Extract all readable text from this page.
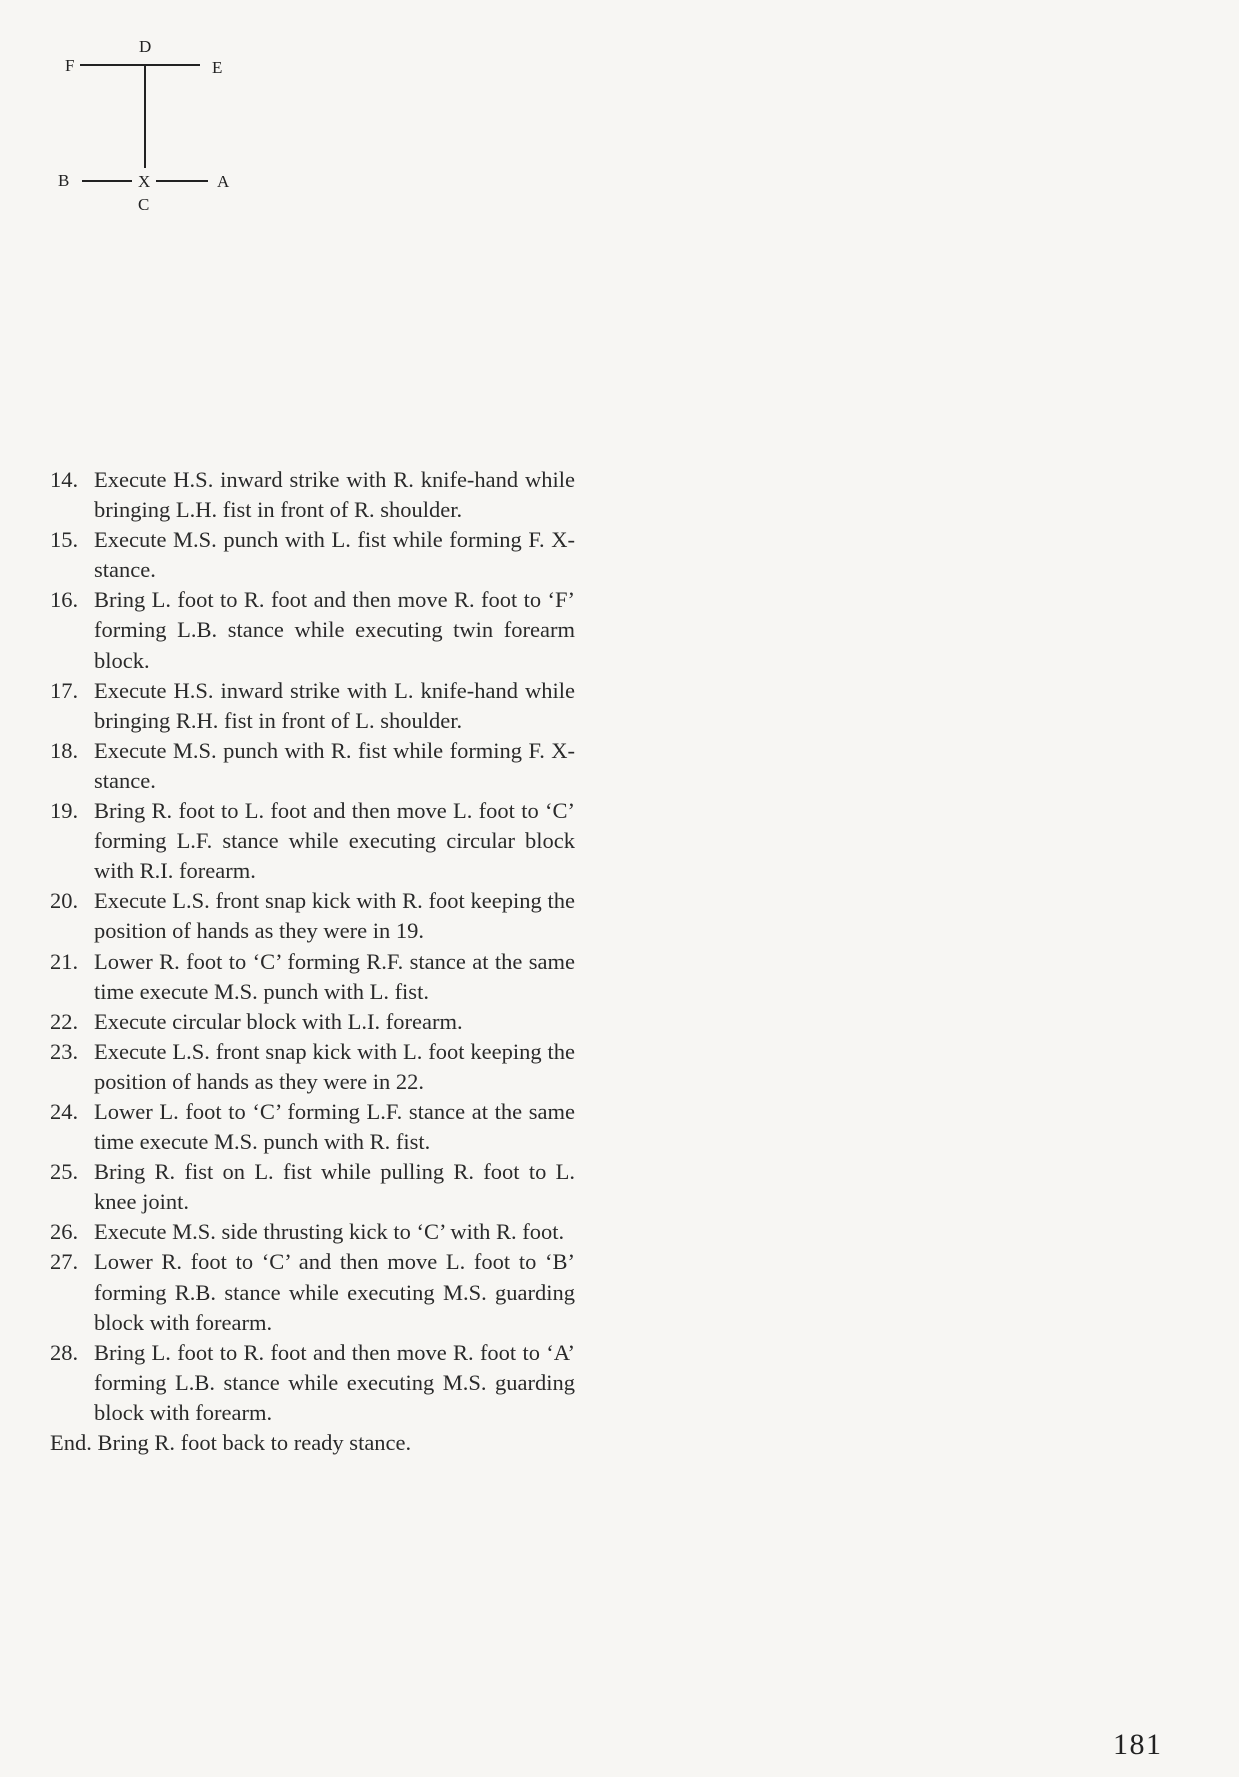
D
F	E
B	X	A
C
14. Execute H.S. inward strike with R. knife-hand while bringing L.H. fist in front of R. shoulder.
15. Execute M.S. punch with L. fist while forming F. X-stance.
16. Bring L. foot to R. foot and then move R. foot to ‘F’ forming L.B. stance while executing twin forearm block.
17. Execute H.S. inward strike with L. knife-hand while bringing R.H. fist in front of L. shoulder.
18. Execute M.S. punch with R. fist while forming F. X-stance.
19. Bring R. foot to L. foot and then move L. foot to ‘C’ forming L.F. stance while executing circular block with R.I. forearm.
20. Execute L.S. front snap kick with R. foot keeping the position of hands as they were in 19.
21. Lower R. foot to ‘C’ forming R.F. stance at the same time execute M.S. punch with L. fist.
22. Execute circular block with L.I. forearm.
23. Execute L.S. front snap kick with L. foot keeping the position of hands as they were in 22.
24. Lower L. foot to ‘C’ forming L.F. stance at the same time execute M.S. punch with R. fist.
25. Bring R. fist on L. fist while pulling R. foot to L. knee joint.
26. Execute M.S. side thrusting kick to ‘C’ with R. foot.
27. Lower R. foot to ‘C’ and then move L. foot to ‘B’ forming R.B. stance while executing M.S. guarding block with forearm.
28. Bring L. foot to R. foot and then move R. foot to ‘A’ forming L.B. stance while executing M.S. guarding block with forearm.
End. Bring R. foot back to ready stance.
181
